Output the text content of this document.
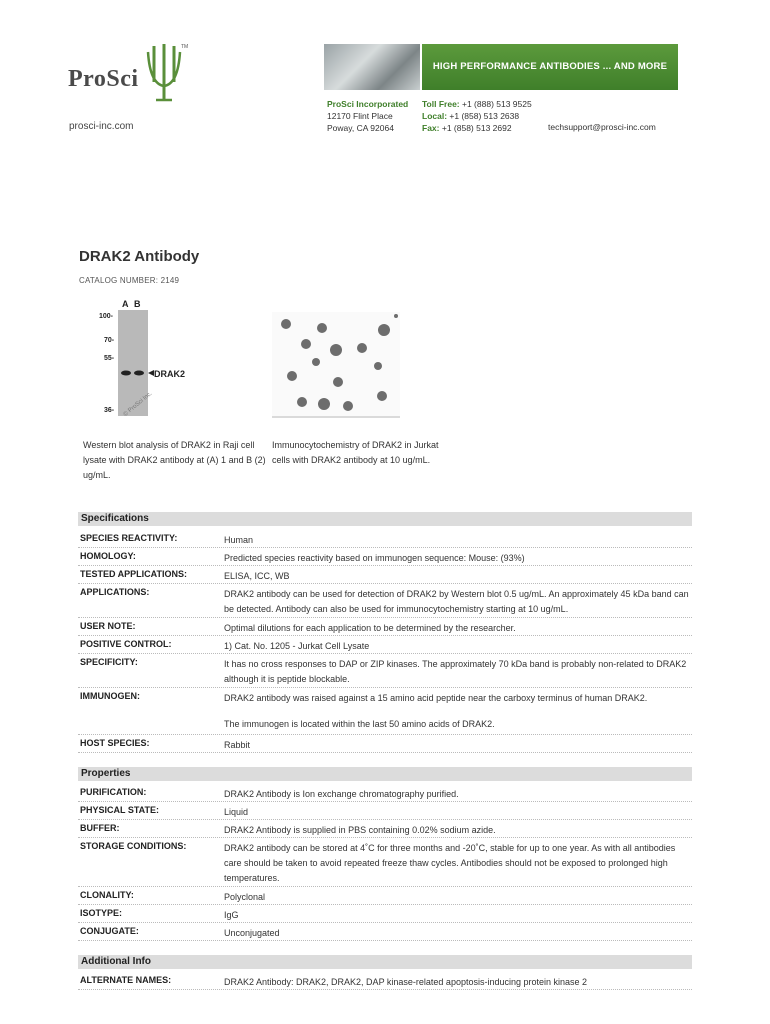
ProSci
TM
prosci-inc.com
HIGH PERFORMANCE ANTIBODIES ... AND MORE
ProSci Incorporated
12170 Flint Place
Poway, CA 92064
Toll Free: +1 (888) 513 9525
Local: +1 (858) 513 2638
Fax: +1 (858) 513 2692	techsupport@prosci-inc.com
DRAK2 Antibody
CATALOG NUMBER: 2149
A B
100-
70-
55-
36-
DRAK2
© ProSci Inc.
Western blot analysis of DRAK2 in Raji cell lysate with DRAK2 antibody at (A) 1 and B (2) ug/mL.
Immunocytochemistry of DRAK2 in Jurkat cells with DRAK2 antibody at 10 ug/mL.
Specifications
SPECIES REACTIVITY:	Human
HOMOLOGY:	Predicted species reactivity based on immunogen sequence: Mouse: (93%)
TESTED APPLICATIONS:	ELISA, ICC, WB
APPLICATIONS:	DRAK2 antibody can be used for detection of DRAK2 by Western blot 0.5 ug/mL. An approximately 45 kDa band can be detected. Antibody can also be used for immunocytochemistry starting at 10 ug/mL.
USER NOTE:	Optimal dilutions for each application to be determined by the researcher.
POSITIVE CONTROL:	1) Cat. No. 1205 - Jurkat Cell Lysate
SPECIFICITY:	It has no cross responses to DAP or ZIP kinases. The approximately 70 kDa band is probably non-related to DRAK2 although it is peptide blockable.
IMMUNOGEN:	DRAK2 antibody was raised against a 15 amino acid peptide near the carboxy terminus of human DRAK2.
The immunogen is located within the last 50 amino acids of DRAK2.
HOST SPECIES:	Rabbit
Properties
PURIFICATION:	DRAK2 Antibody is Ion exchange chromatography purified.
PHYSICAL STATE:	Liquid
BUFFER:	DRAK2 Antibody is supplied in PBS containing 0.02% sodium azide.
STORAGE CONDITIONS:	DRAK2 antibody can be stored at 4˚C for three months and -20˚C, stable for up to one year. As with all antibodies care should be taken to avoid repeated freeze thaw cycles. Antibodies should not be exposed to prolonged high temperatures.
CLONALITY:	Polyclonal
ISOTYPE:	IgG
CONJUGATE:	Unconjugated
Additional Info
ALTERNATE NAMES:	DRAK2 Antibody: DRAK2, DRAK2, DAP kinase-related apoptosis-inducing protein kinase 2
